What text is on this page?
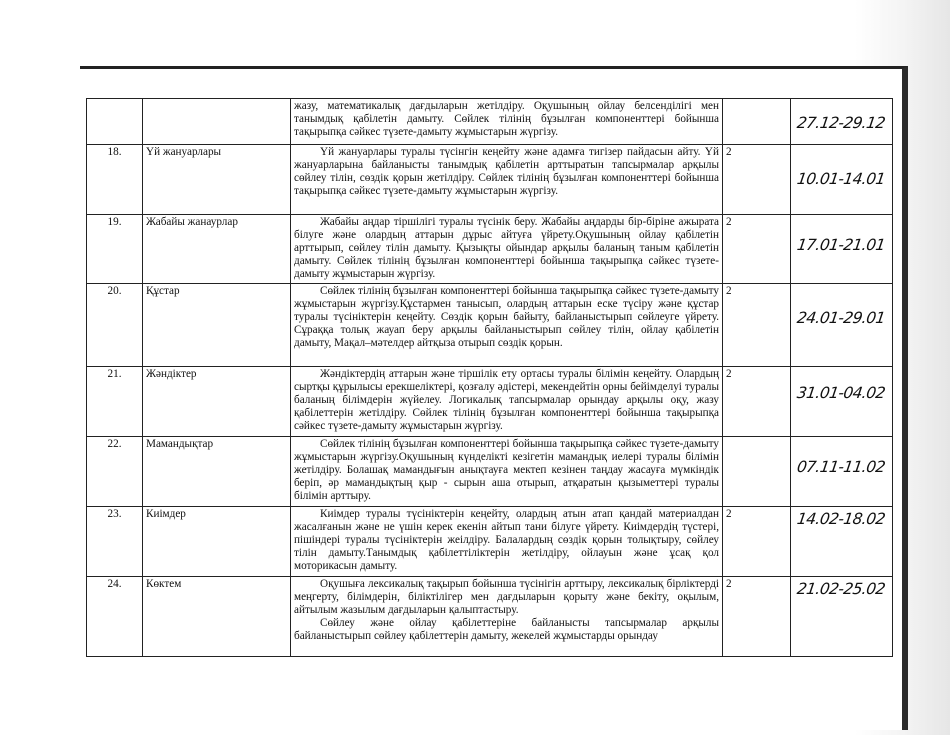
		жазу, математикалық дағдыларын жетілдіру. Оқушының ойлау белсенділігі мен танымдық қабілетін дамыту. Сөйлек тілінің бұзылған компоненттері бойынша тақырыпқа сәйкес түзете-дамыту жұмыстарын жүргізу.		27.12-29.12

18.	Үй жануарлары	Үй жануарлары туралы түсінгін кеңейту және адамға тигізер пайдасын айту. Үй жануарларына байланысты танымдық қабілетін арттыратын тапсырмалар арқылы сөйлеу тілін, сөздік қорын жетілдіру. Сөйлек тілінің бұзылған компоненттері бойынша тақырыпқа сәйкес түзете-дамыту жұмыстарын жүргізу.	2	10.01-14.01

19.	Жабайы жанаурлар	Жабайы аңдар тіршілігі туралы түсінік беру. Жабайы аңдарды бір-біріне ажырата білуге және олардың аттарын дұрыс айтуға үйрету.Оқушының ойлау қабілетін арттырып, сөйлеу тілін дамыту. Қызықты ойындар арқылы баланың таным қабілетін дамыту. Сөйлек тілінің бұзылған компоненттері бойынша тақырыпқа сәйкес түзете-дамыту жұмыстарын жүргізу.	2	17.01-21.01

20.	Құстар	Сөйлек тілінің бұзылған компоненттері бойынша тақырыпқа сәйкес түзете-дамыту жұмыстарын жүргізу.Құстармен танысып, олардың аттарын еске түсіру және құстар туралы түсініктерін кеңейту. Сөздік қорын байыту, байланыстырып сөйлеуге үйрету. Сұраққа толық жауап беру арқылы байланыстырып сөйлеу тілін, ойлау қабілетін дамыту, Мақал–мәтелдер айтқыза отырып сөздік қорын.	2	24.01-29.01

21.	Жәндіктер	Жәндіктердің аттарын және тіршілік ету ортасы туралы білімін кеңейту. Олардың сыртқы құрылысы ерекшеліктері, қозғалу әдістері, мекендейтін орны бейімделуі туралы баланың білімдерін жүйелеу. Логикалық тапсырмалар орындау арқылы оқу, жазу қабілеттерін жетілдіру. Сөйлек тілінің бұзылған компоненттері бойынша тақырыпқа сәйкес түзете-дамыту жұмыстарын жүргізу.	2	31.01-04.02

22.	Мамандықтар	Сөйлек тілінің бұзылған компоненттері бойынша тақырыпқа сәйкес түзете-дамыту жұмыстарын жүргізу.Оқушының күнделікті кезігетін мамандық иелері туралы білімін жетілдіру. Болашақ мамандығын анықтауға мектеп кезінен таңдау жасауға мүмкіндік беріп, әр мамандықтың қыр - сырын аша отырып, атқаратын қызыметтері туралы білімін арттыру.		07.11-11.02

23.	Киімдер	Киімдер туралы түсініктерін кеңейту, олардың атын атап қандай материалдан жасалғанын және не үшін керек екенін айтып тани білуге үйрету. Киімдердің түстері, пішіндері туралы түсініктерін жеілдіру. Балалардың сөздік қорын толықтыру, сөйлеу тілін дамыту.Танымдық қабілеттіліктерін жетілдіру, ойлауын және ұсақ қол моторикасын дамыту.	2	14.02-18.02

24.	Көктем	Оқушыға лексикалық тақырып бойынша түсінігін арттыру, лексикалық бірліктерді меңгерту, білімдерін, біліктілігер мен дағдыларын қорыту және бекіту, оқылым, айтылым жазылым дағдыларын қалыптастыру.

Сөйлеу және ойлау қабілеттеріне байланысты тапсырмалар арқылы байланыстырып сөйлеу қабілеттерін дамыту, жекелей жұмыстарды орындау	2	21.02-25.02
